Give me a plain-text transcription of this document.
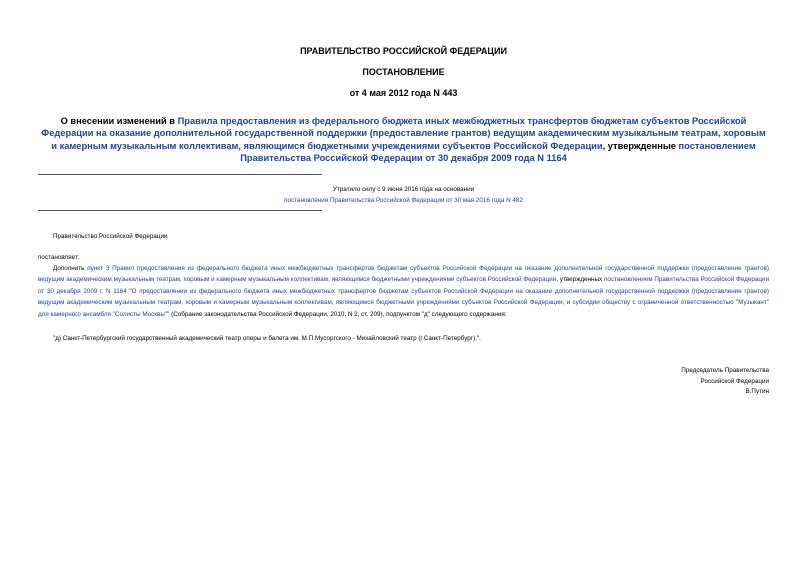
ПРАВИТЕЛЬСТВО РОССИЙСКОЙ ФЕДЕРАЦИИ
ПОСТАНОВЛЕНИЕ
от 4 мая 2012 года N 443
О внесении изменений в Правила предоставления из федерального бюджета иных межбюджетных трансфертов бюджетам субъектов Российской Федерации на оказание дополнительной государственной поддержки (предоставление грантов) ведущим академическим музыкальным театрам, хоровым и камерным музыкальным коллективам, являющимся бюджетными учреждениями субъектов Российской Федерации, утвержденные постановлением Правительства Российской Федерации от 30 декабря 2009 года N 1164
Утратило силу с 9 июня 2016 года на основании
постановления Правительства Российской Федерации от 30 мая 2016 года N 482
Правительство Российской Федерации
постановляет:
Дополнить пункт 3 Правил предоставления из федерального бюджета иных межбюджетных трансфертов бюджетам субъектов Российской Федерации на оказание дополнительной государственной поддержки (предоставление грантов) ведущим академическим музыкальным театрам, хоровым и камерным музыкальным коллективам, являющимся бюджетными учреждениями субъектов Российской Федерации, утвержденных постановлением Правительства Российской Федерации от 30 декабря 2009 г. N 1164 "О предоставлении из федерального бюджета иных межбюджетных трансфертов бюджетам субъектов Российской Федерации на оказание дополнительной государственной поддержки (предоставление грантов) ведущим академическим музыкальным театрам, хоровым и камерным музыкальным коллективам, являющимся бюджетными учреждениями субъектов Российской Федерации, и субсидии обществу с ограниченной ответственностью "Музыкант" для камерного ансамбля "Солисты Москвы"" (Собрание законодательства Российской Федерации, 2010, N 2, ст. 209), подпунктом "д" следующего содержания:
"д) Санкт-Петербургский государственный академический театр оперы и балета им. М.П.Мусоргского - Михайловский театр (г.Санкт-Петербург).".
Председатель Правительства
Российской Федерации
В.Путин
